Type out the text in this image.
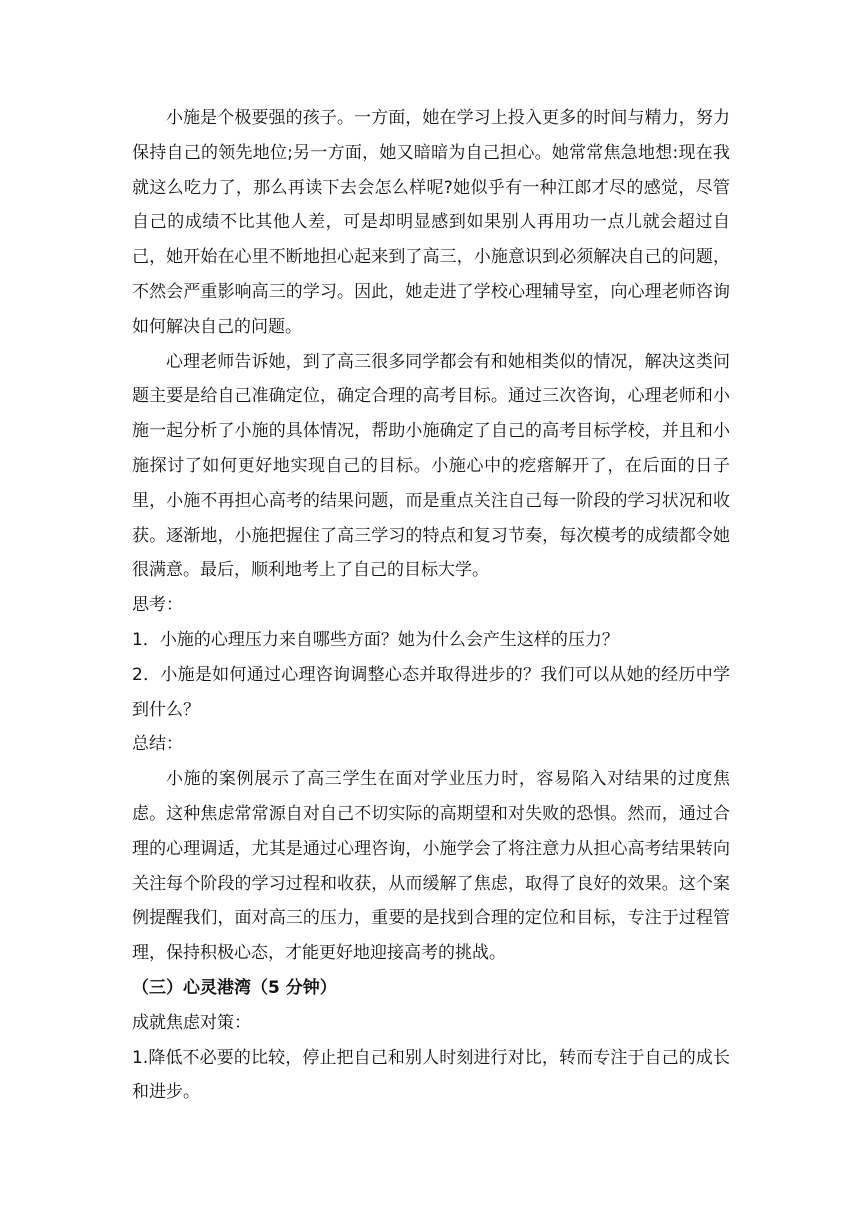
小施是个极要强的孩子。一方面，她在学习上投入更多的时间与精力，努力保持自己的领先地位;另一方面，她又暗暗为自己担心。她常常焦急地想:现在我就这么吃力了，那么再读下去会怎么样呢?她似乎有一种江郎才尽的感觉，尽管自己的成绩不比其他人差，可是却明显感到如果别人再用功一点儿就会超过自己，她开始在心里不断地担心起来到了高三，小施意识到必须解决自己的问题，不然会严重影响高三的学习。因此，她走进了学校心理辅导室，向心理老师咨询如何解决自己的问题。

心理老师告诉她，到了高三很多同学都会有和她相类似的情况，解决这类问题主要是给自己准确定位，确定合理的高考目标。通过三次咨询，心理老师和小施一起分析了小施的具体情况，帮助小施确定了自己的高考目标学校，并且和小施探讨了如何更好地实现自己的目标。小施心中的疙瘩解开了，在后面的日子里，小施不再担心高考的结果问题，而是重点关注自己每一阶段的学习状况和收获。逐渐地，小施把握住了高三学习的特点和复习节奏，每次模考的成绩都令她很满意。最后，顺利地考上了自己的目标大学。

思考：

1．小施的心理压力来自哪些方面？她为什么会产生这样的压力？

2．小施是如何通过心理咨询调整心态并取得进步的？我们可以从她的经历中学到什么？

总结：

小施的案例展示了高三学生在面对学业压力时，容易陷入对结果的过度焦虑。这种焦虑常常源自对自己不切实际的高期望和对失败的恐惧。然而，通过合理的心理调适，尤其是通过心理咨询，小施学会了将注意力从担心高考结果转向关注每个阶段的学习过程和收获，从而缓解了焦虑，取得了良好的效果。这个案例提醒我们，面对高三的压力，重要的是找到合理的定位和目标，专注于过程管理，保持积极心态，才能更好地迎接高考的挑战。

（三）心灵港湾（5 分钟）

成就焦虑对策：

1.降低不必要的比较，停止把自己和别人时刻进行对比，转而专注于自己的成长和进步。
